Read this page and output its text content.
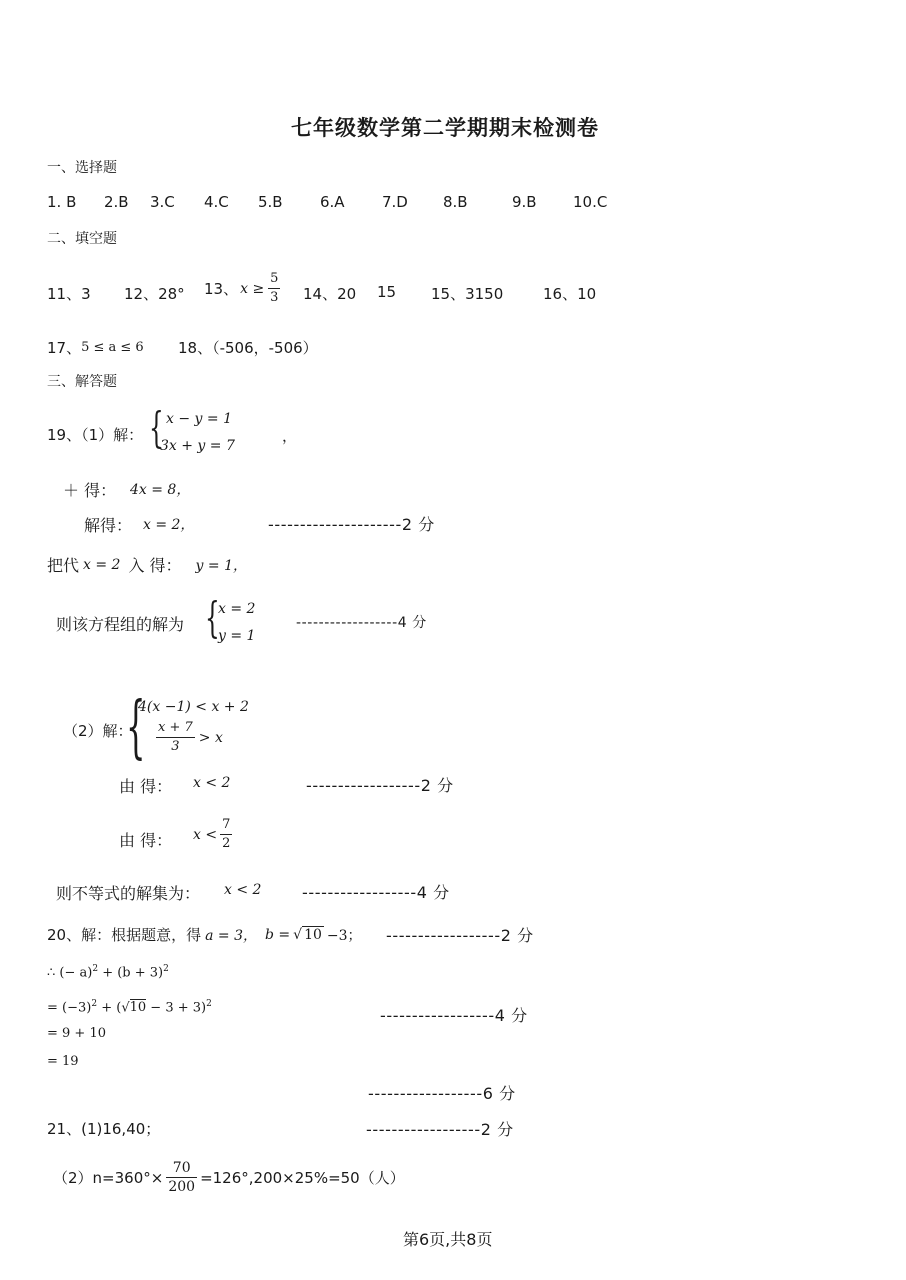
七年级数学第二学期期末检测卷
一、选择题
1. B 2.B 3.C 4.C 5.B 6.A 7.D 8.B	9.B 10.C
二、填空题
11、3 12、28° 13、 $x \ge \frac{5}{3} 14$、20 15 15、3150	16、10
17、 5 ≤ a ≤ 6 18、（-506，-506）
三、解答题
19、（1）解： { x − y = 1
3x + y = 7
，
＋ 得： 4x = 8，
解得： x = 2，	---------------------2 分
把代 x = 2 入 得： y = 1，
则该方程组的解为 {
x = 2
y = 1
------------------4 分
（2）解：
{
4(x −1) < x + 2
$\frac{x + 7}{3} > x$
由 得： x < 2	------------------2 分
由 得： $x < \frac{7}{2}$
则不等式的解集为： x < 2	------------------4 分
20、解：根据题意，得 a = 3， b = √ 10 −3； ------------------2 分
∴ (− $a)^2 + (b + 3)^2$
= $(-3)^2 + (√10 - 3 + 3)^2$
------------------4 分
= 9 + 10
= 19
------------------6 分
21、(1)16,40；	------------------2 分
$(2)n=360^\circ\times \frac{70}{200} =126^\circ,200\times 25\%=50$（人）
第6页,共8页
